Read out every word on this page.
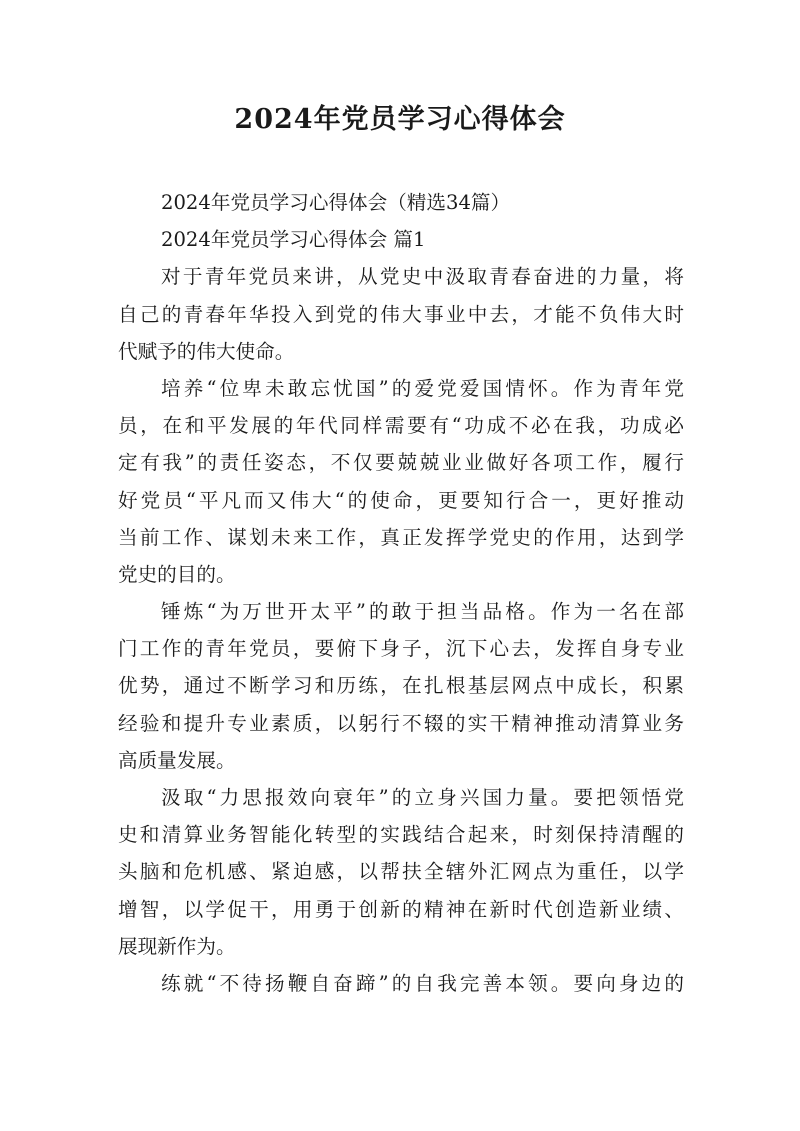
2024年党员学习心得体会
2024年党员学习心得体会（精选34篇）
2024年党员学习心得体会 篇1
对于青年党员来讲，从党史中汲取青春奋进的力量，将
自己的青春年华投入到党的伟大事业中去，才能不负伟大时
代赋予的伟大使命。
培养“位卑未敢忘忧国”的爱党爱国情怀。作为青年党
员，在和平发展的年代同样需要有“功成不必在我，功成必
定有我”的责任姿态，不仅要兢兢业业做好各项工作，履行
好党员“平凡而又伟大“的使命，更要知行合一，更好推动
当前工作、谋划未来工作，真正发挥学党史的作用，达到学
党史的目的。
锤炼“为万世开太平”的敢于担当品格。作为一名在部
门工作的青年党员，要俯下身子，沉下心去，发挥自身专业
优势，通过不断学习和历练，在扎根基层网点中成长，积累
经验和提升专业素质，以躬行不辍的实干精神推动清算业务
高质量发展。
汲取“力思报效向衰年”的立身兴国力量。要把领悟党
史和清算业务智能化转型的实践结合起来，时刻保持清醒的
头脑和危机感、紧迫感，以帮扶全辖外汇网点为重任，以学
增智，以学促干，用勇于创新的精神在新时代创造新业绩、
展现新作为。
练就“不待扬鞭自奋蹄”的自我完善本领。要向身边的
